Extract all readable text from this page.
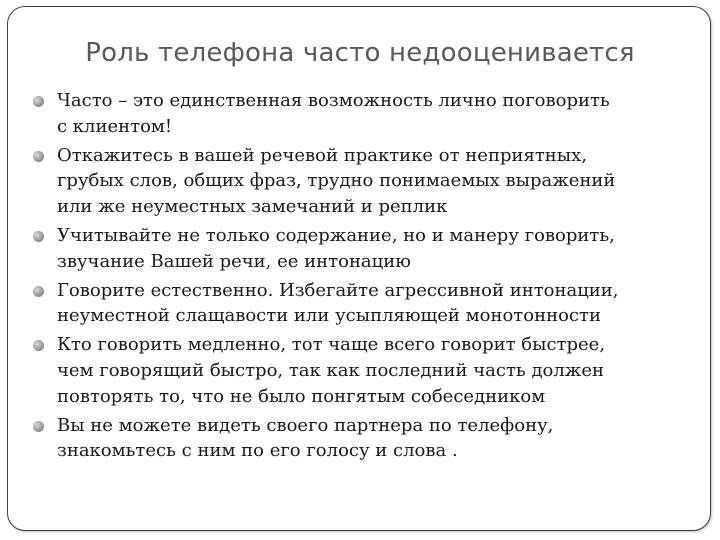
Роль телефона часто недооценивается
Часто – это единственная возможность лично поговорить
с клиентом!
Откажитесь в вашей речевой практике от неприятных,
грубых слов, общих фраз, трудно понимаемых выражений
или же неуместных замечаний и реплик
Учитывайте не только содержание, но и манеру говорить,
звучание Вашей речи, ее интонацию
Говорите естественно. Избегайте агрессивной интонации,
неуместной слащавости или усыпляющей монотонности
Кто говорить медленно, тот чаще всего говорит быстрее,
чем говорящий быстро, так как последний часть должен
повторять то, что не было понгятым собеседником
Вы не можете видеть своего партнера по телефону,
знакомьтесь с ним по его голосу и слова .
